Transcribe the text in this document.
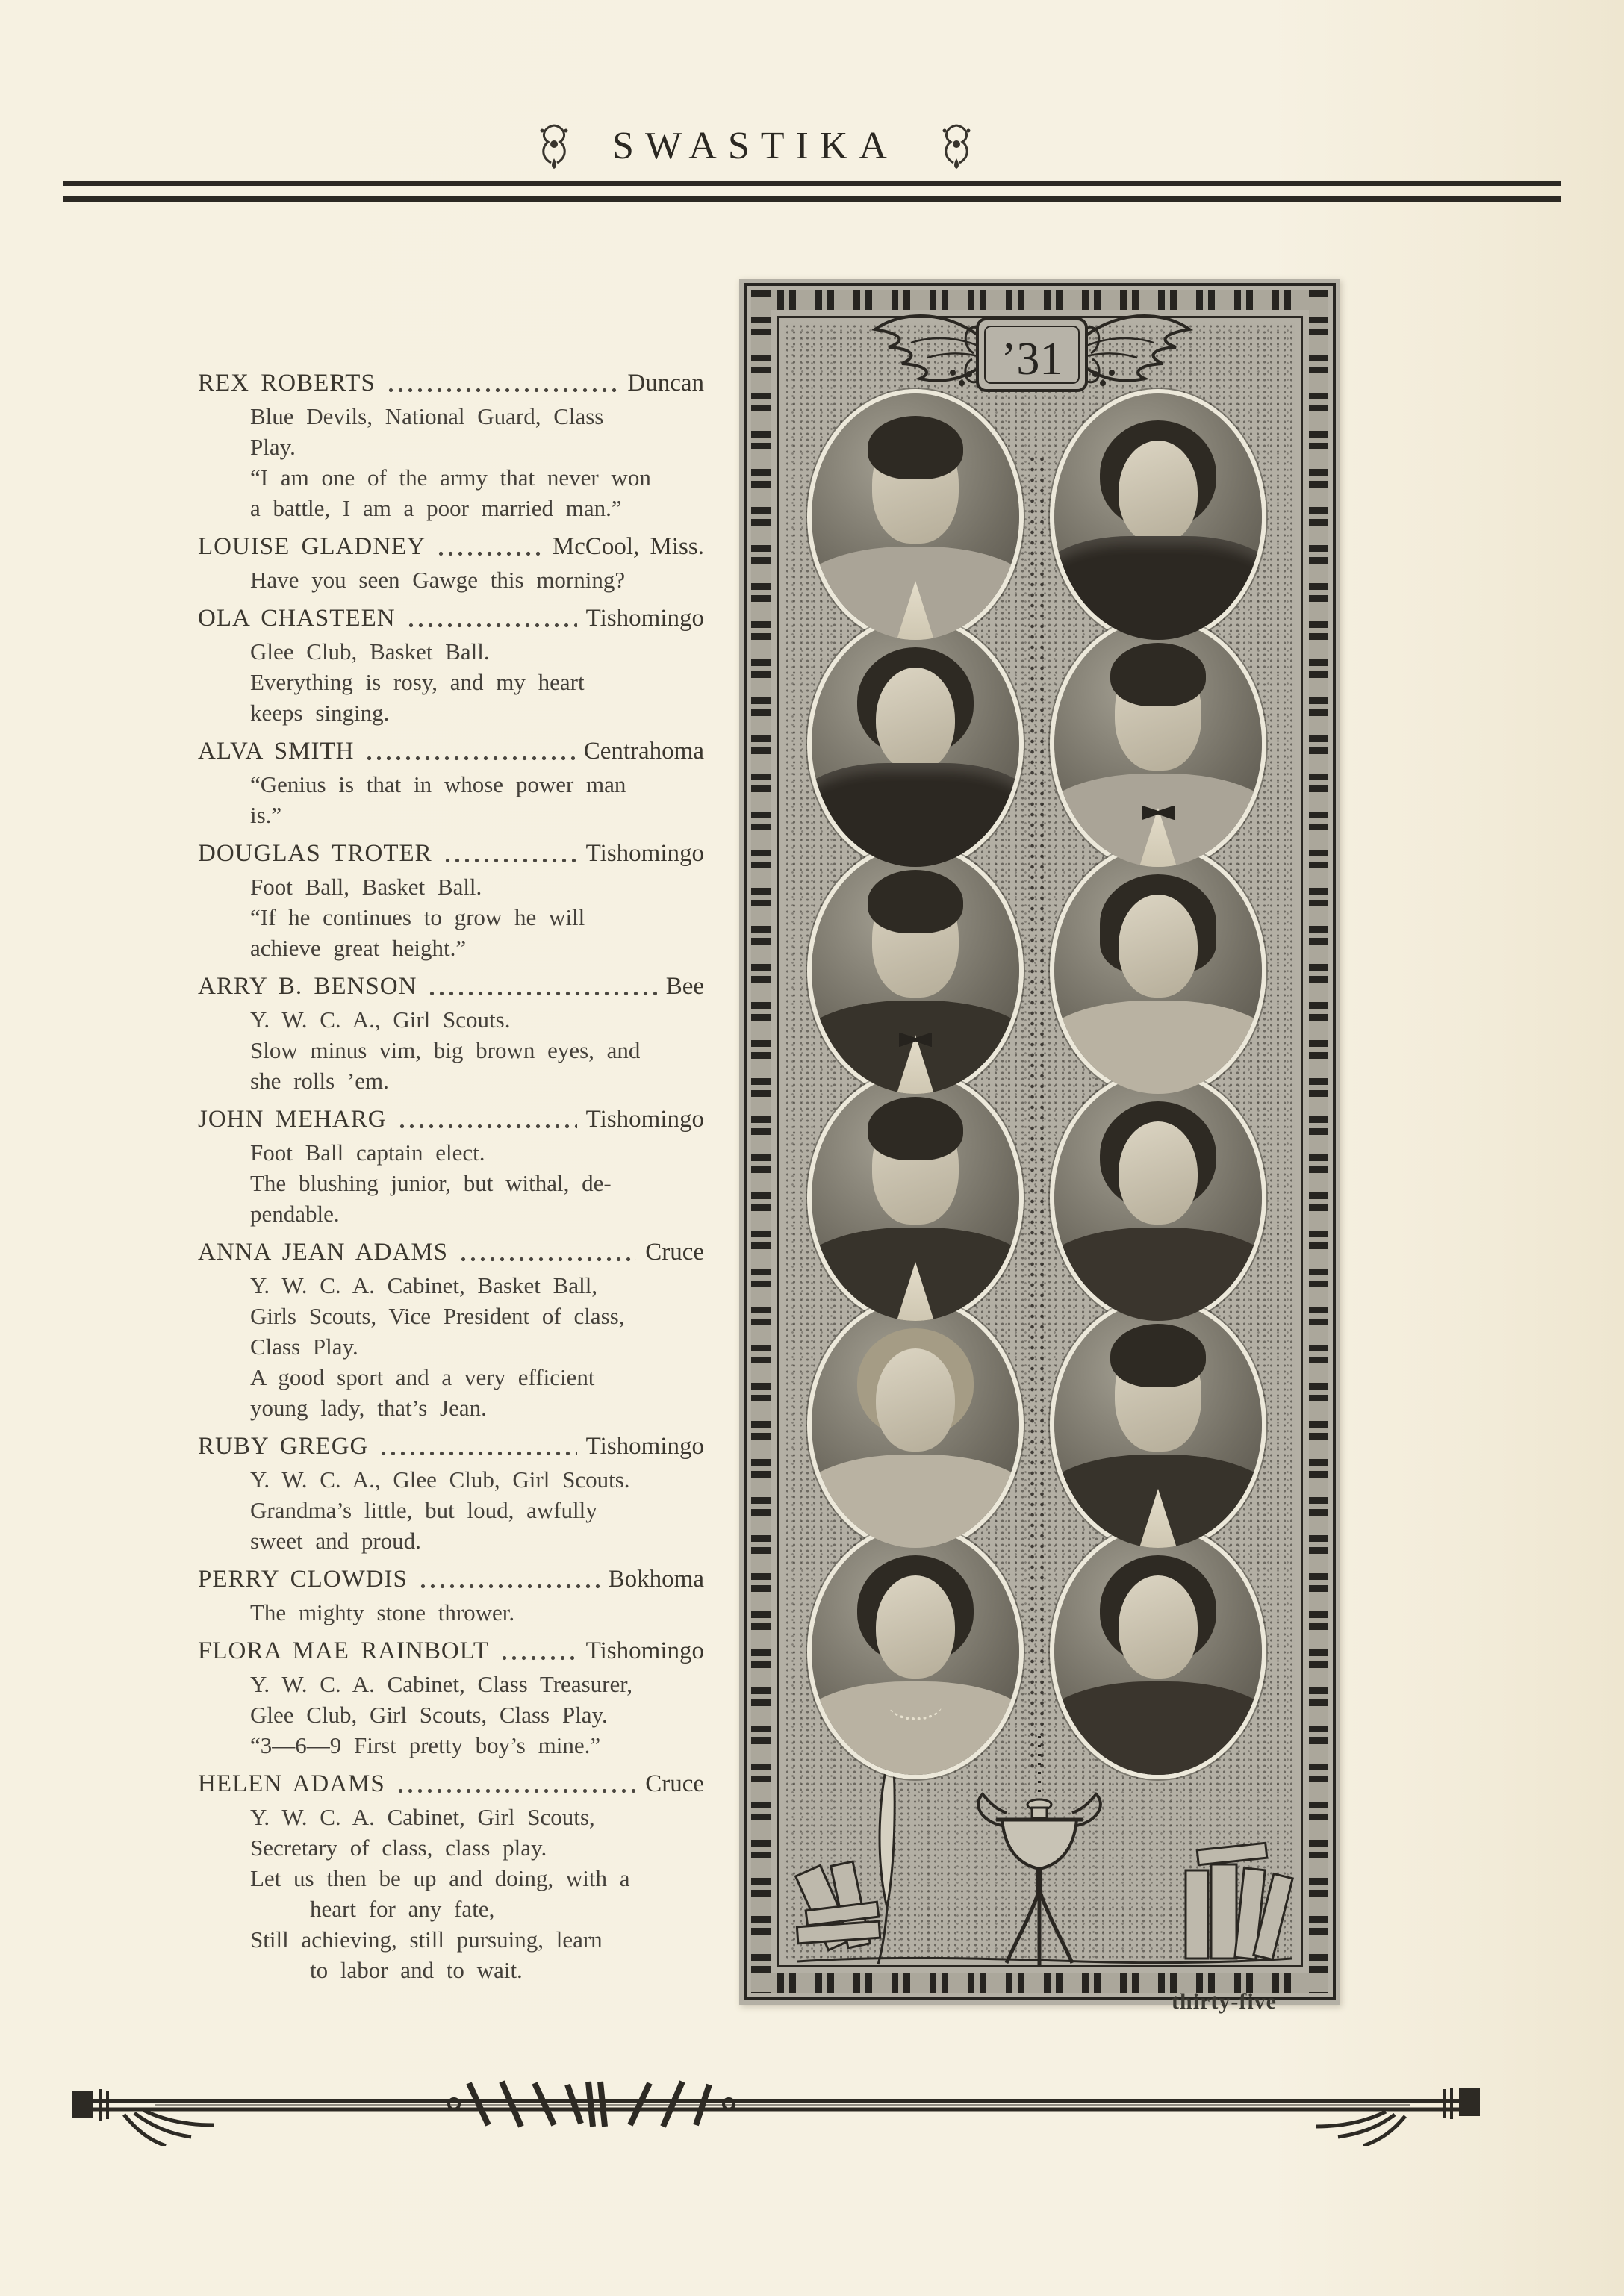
SWASTIKA
REX ROBERTS	Duncan

Blue Devils, National Guard, Class

Play.

“I am one of the army that never won

a battle, I am a poor married man.”

LOUISE GLADNEY	McCool, Miss.

Have you seen Gawge this morning?

OLA CHASTEEN	Tishomingo

Glee Club, Basket Ball.

Everything is rosy, and my heart

keeps singing.

ALVA SMITH	Centrahoma

“Genius is that in whose power man

is.”

DOUGLAS TROTER	Tishomingo

Foot Ball, Basket Ball.

“If he continues to grow he will

achieve great height.”

ARRY B. BENSON	Bee

Y. W. C. A., Girl Scouts.

Slow minus vim, big brown eyes, and

she rolls ’em.

JOHN MEHARG	Tishomingo

Foot Ball captain elect.

The blushing junior, but withal, de-

pendable.

ANNA JEAN ADAMS	Cruce

Y. W. C. A. Cabinet, Basket Ball,

Girls Scouts, Vice President of class,

Class Play.

A good sport and a very efficient

young lady, that’s Jean.

RUBY GREGG	Tishomingo

Y. W. C. A., Glee Club, Girl Scouts.

Grandma’s little, but loud, awfully

sweet and proud.

PERRY CLOWDIS	Bokhoma

The mighty stone thrower.

FLORA MAE RAINBOLT	Tishomingo

Y. W. C. A. Cabinet, Class Treasurer,

Glee Club, Girl Scouts, Class Play.

“3—6—9 First pretty boy’s mine.”

HELEN ADAMS	Cruce

Y. W. C. A. Cabinet, Girl Scouts,

Secretary of class, class play.

Let us then be up and doing, with a

heart for any fate,

Still achieving, still pursuing, learn

to labor and to wait.

’31
thirty-five
